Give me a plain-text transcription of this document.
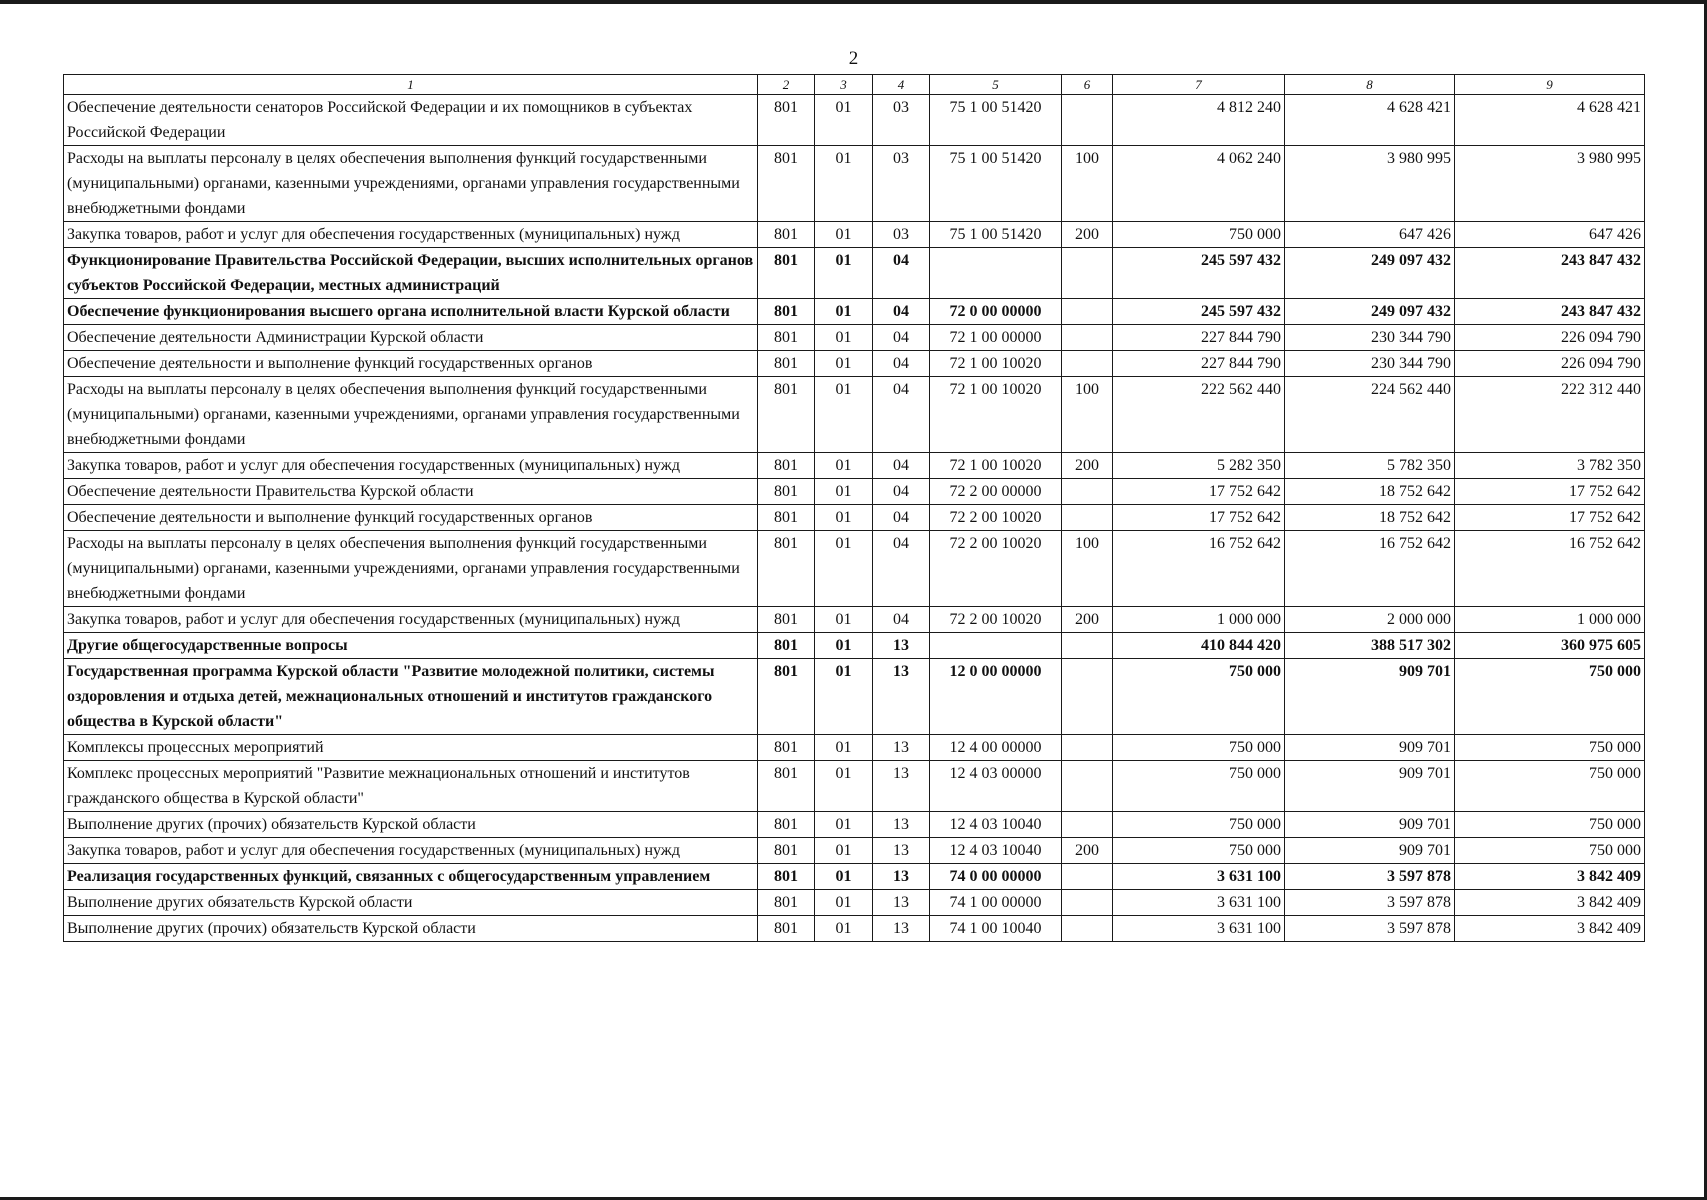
2
1	2	3	4	5	6	7	8	9
Обеспечение деятельности сенаторов Российской Федерации и их помощников в субъектах Российской Федерации	801	01	03	75 1 00 51420		4 812 240	4 628 421	4 628 421
Расходы на выплаты персоналу в целях обеспечения выполнения функций государственными (муниципальными) органами, казенными учреждениями, органами управления государственными внебюджетными фондами	801	01	03	75 1 00 51420	100	4 062 240	3 980 995	3 980 995
Закупка товаров, работ и услуг для обеспечения государственных (муниципальных) нужд	801	01	03	75 1 00 51420	200	750 000	647 426	647 426
Функционирование Правительства Российской Федерации, высших исполнительных органов субъектов Российской Федерации, местных администраций	801	01	04			245 597 432	249 097 432	243 847 432
Обеспечение функционирования высшего органа исполнительной власти Курской области	801	01	04	72 0 00 00000		245 597 432	249 097 432	243 847 432
Обеспечение деятельности Администрации Курской области	801	01	04	72 1 00 00000		227 844 790	230 344 790	226 094 790
Обеспечение деятельности и выполнение функций государственных органов	801	01	04	72 1 00 10020		227 844 790	230 344 790	226 094 790
Расходы на выплаты персоналу в целях обеспечения выполнения функций государственными (муниципальными) органами, казенными учреждениями, органами управления государственными внебюджетными фондами	801	01	04	72 1 00 10020	100	222 562 440	224 562 440	222 312 440
Закупка товаров, работ и услуг для обеспечения государственных (муниципальных) нужд	801	01	04	72 1 00 10020	200	5 282 350	5 782 350	3 782 350
Обеспечение деятельности Правительства Курской области	801	01	04	72 2 00 00000		17 752 642	18 752 642	17 752 642
Обеспечение деятельности и выполнение функций государственных органов	801	01	04	72 2 00 10020		17 752 642	18 752 642	17 752 642
Расходы на выплаты персоналу в целях обеспечения выполнения функций государственными (муниципальными) органами, казенными учреждениями, органами управления государственными внебюджетными фондами	801	01	04	72 2 00 10020	100	16 752 642	16 752 642	16 752 642
Закупка товаров, работ и услуг для обеспечения государственных (муниципальных) нужд	801	01	04	72 2 00 10020	200	1 000 000	2 000 000	1 000 000
Другие общегосударственные вопросы	801	01	13			410 844 420	388 517 302	360 975 605
Государственная программа Курской области "Развитие молодежной политики, системы оздоровления и отдыха детей, межнациональных отношений и институтов гражданского общества в Курской области"	801	01	13	12 0 00 00000		750 000	909 701	750 000
Комплексы процессных мероприятий	801	01	13	12 4 00 00000		750 000	909 701	750 000
Комплекс процессных мероприятий "Развитие межнациональных отношений и институтов гражданского общества в Курской области"	801	01	13	12 4 03 00000		750 000	909 701	750 000
Выполнение других (прочих) обязательств Курской области	801	01	13	12 4 03 10040		750 000	909 701	750 000
Закупка товаров, работ и услуг для обеспечения государственных (муниципальных) нужд	801	01	13	12 4 03 10040	200	750 000	909 701	750 000
Реализация государственных функций, связанных с общегосударственным управлением	801	01	13	74 0 00 00000		3 631 100	3 597 878	3 842 409
Выполнение других обязательств Курской области	801	01	13	74 1 00 00000		3 631 100	3 597 878	3 842 409
Выполнение других (прочих) обязательств Курской области	801	01	13	74 1 00 10040		3 631 100	3 597 878	3 842 409
